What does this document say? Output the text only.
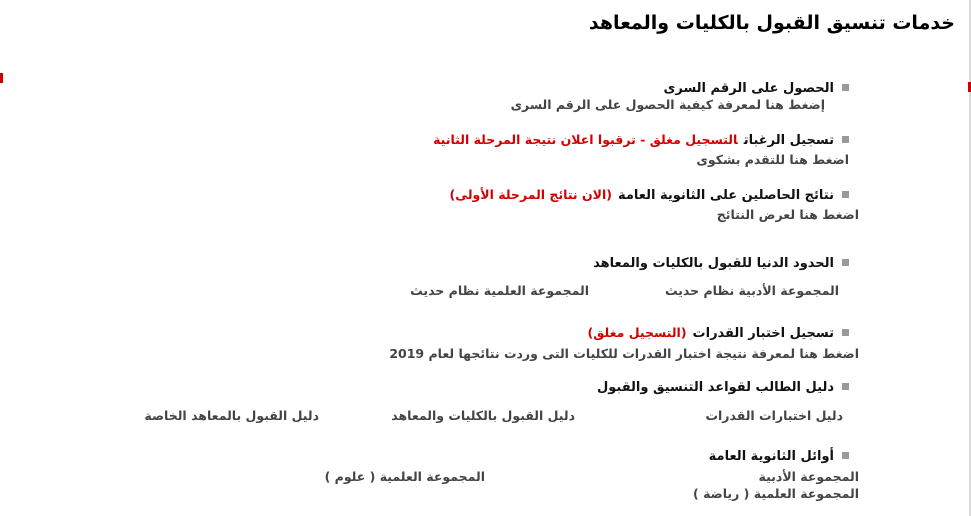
خدمات تنسيق القبول بالكليات والمعاهد
الحصول على الرقم السرى
إضغط هنا لمعرفة كيفية الحصول على الرقم السرى
تسجيل الرغباتالتسجيل مغلق - ترقبوا اعلان نتيجة المرحلة الثانية
اضغط هنا للتقدم بشكوى
نتائج الحاصلين على الثانوية العامة(الان نتائج المرحلة الأولى)
اضغط هنا لعرض النتائج
الحدود الدنيا للقبول بالكليات والمعاهد
المجموعة الأدبية نظام حديث
المجموعة العلمية نظام حديث
تسجيل اختبار القدرات(التسجيل مغلق)
اضغط هنا لمعرفة نتيجة اختبار القدرات للكليات التى وردت نتائجها لعام 2019
دليل الطالب لقواعد التنسيق والقبول
دليل اختبارات القدرات
دليل القبول بالكليات والمعاهد
دليل القبول بالمعاهد الخاصة
أوائل الثانوية العامة
المجموعة الأدبية
المجموعة العلمية ( رياضة )
المجموعة العلمية ( علوم )
